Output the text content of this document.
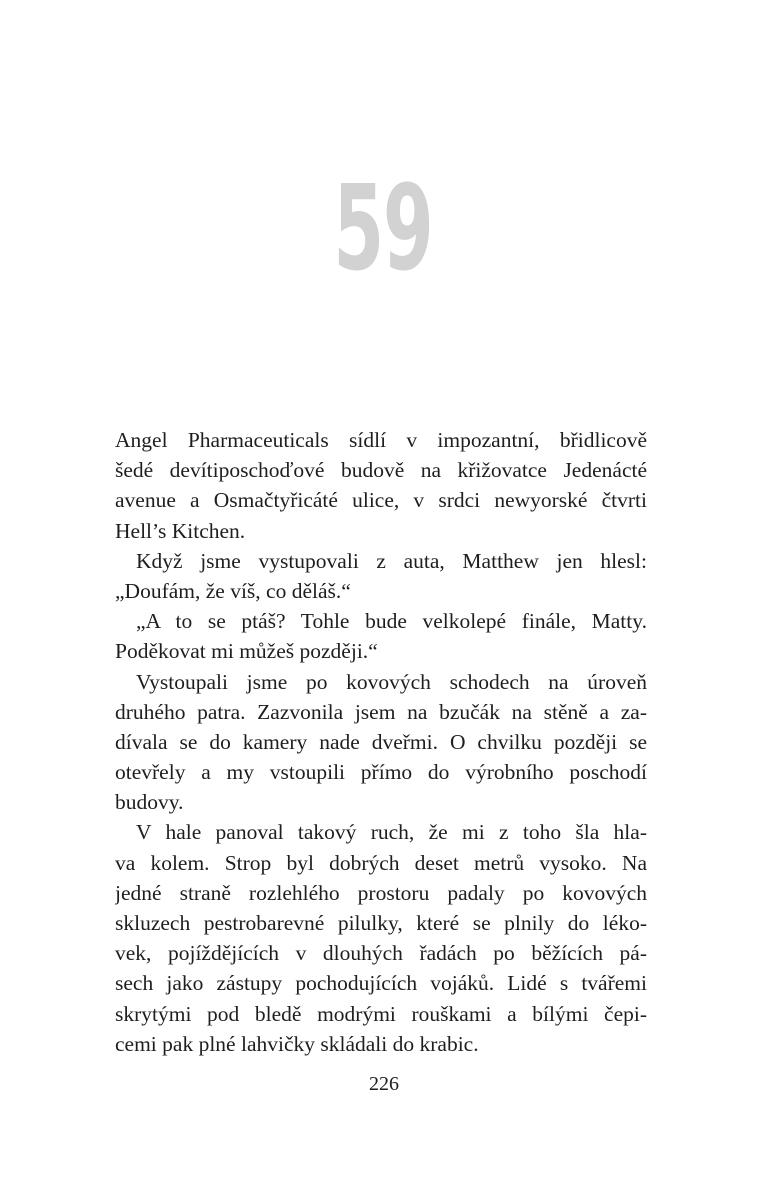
59
Angel Pharmaceuticals sídlí v impozantní, břidlicově
šedé devítiposchoďové budově na křižovatce Jedenácté
avenue a Osmačtyřicáté ulice, v srdci newyorské čtvrti
Hell’s Kitchen.
Když jsme vystupovali z auta, Matthew jen hlesl:
„Doufám, že víš, co děláš.“
„A to se ptáš? Tohle bude velkolepé finále, Matty.
Poděkovat mi můžeš později.“
Vystoupali jsme po kovových schodech na úroveň
druhého patra. Zazvonila jsem na bzučák na stěně a za-
dívala se do kamery nade dveřmi. O chvilku později se
otevřely a my vstoupili přímo do výrobního poschodí
budovy.
V hale panoval takový ruch, že mi z toho šla hla-
va kolem. Strop byl dobrých deset metrů vysoko. Na
jedné straně rozlehlého prostoru padaly po kovových
skluzech pestrobarevné pilulky, které se plnily do léko-
vek, pojíždějících v dlouhých řadách po běžících pá-
sech jako zástupy pochodujících vojáků. Lidé s tvářemi
skrytými pod bledě modrými rouškami a bílými čepi-
cemi pak plné lahvičky skládali do krabic.
226
